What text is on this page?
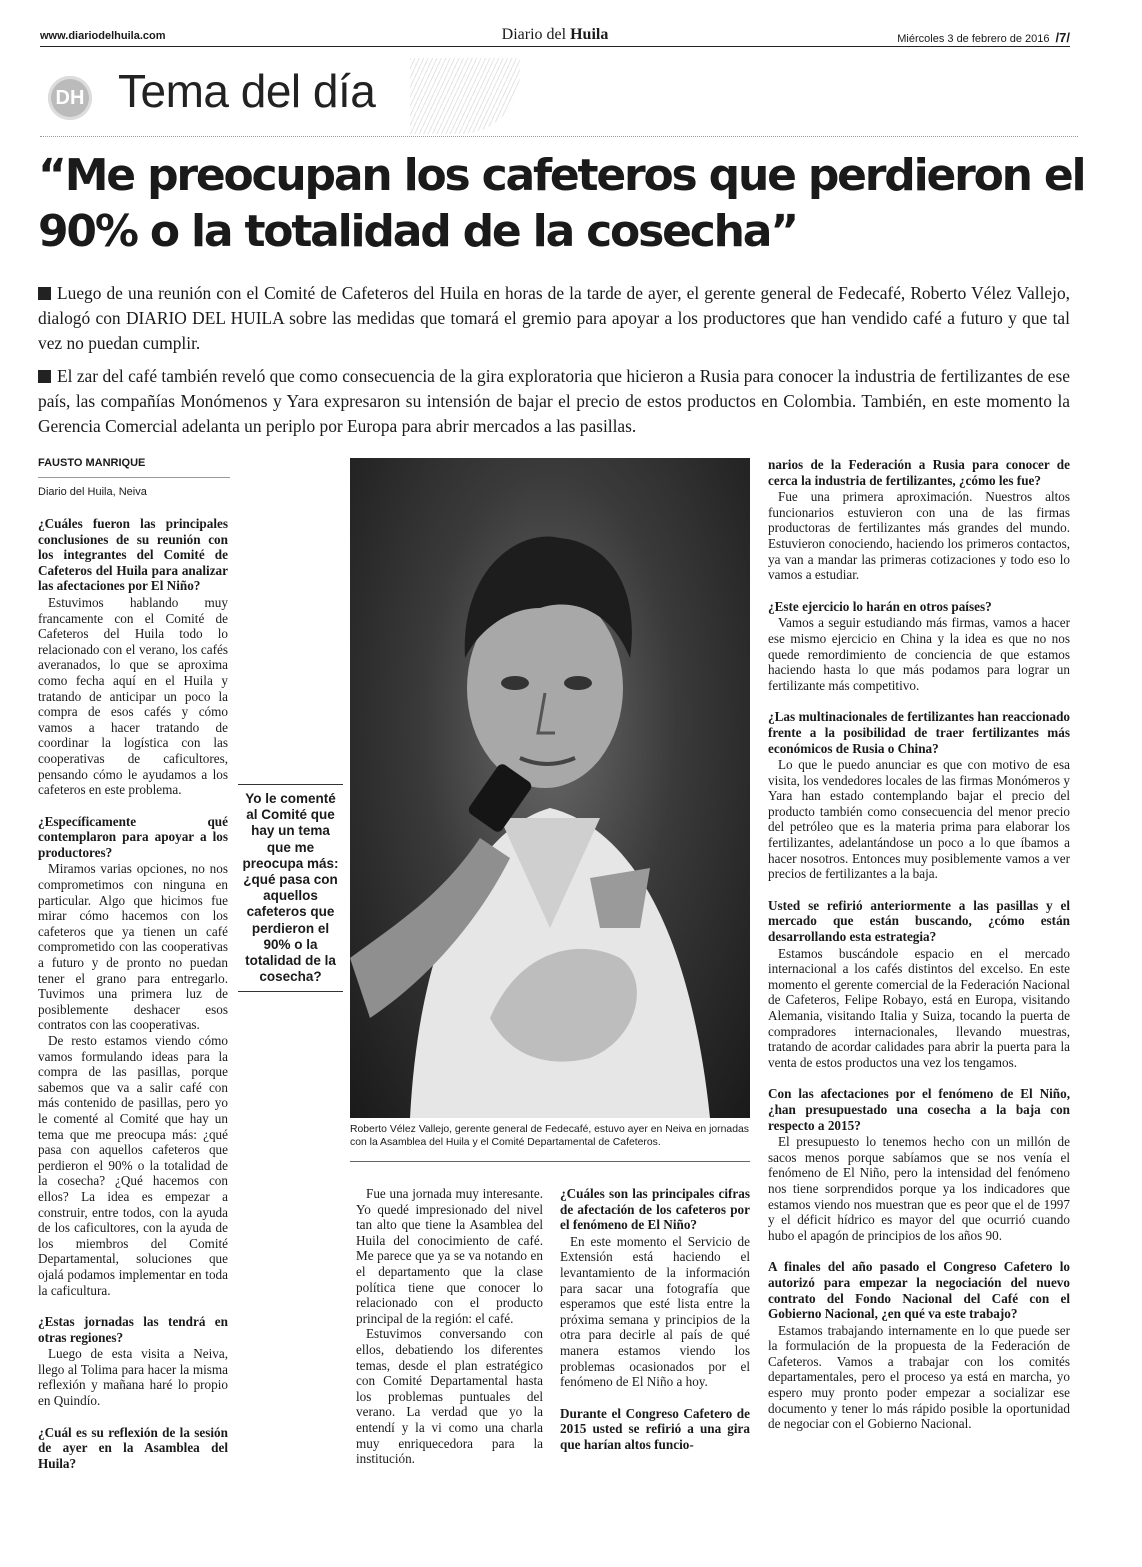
www.diariodelhuila.com	Diario del Huila	Miércoles 3 de febrero de 2016 /7/
DH Tema del día
“Me preocupan los cafeteros que perdieron el 90% o la totalidad de la cosecha”
Luego de una reunión con el Comité de Cafeteros del Huila en horas de la tarde de ayer, el gerente general de Fedecafé, Roberto Vélez Vallejo, dialogó con DIARIO DEL HUILA sobre las medidas que tomará el gremio para apoyar a los productores que han vendido café a futuro y que tal vez no puedan cumplir.
El zar del café también reveló que como consecuencia de la gira exploratoria que hicieron a Rusia para conocer la industria de fertilizantes de ese país, las compañías Monómenos y Yara expresaron su intensión de bajar el precio de estos productos en Colombia. También, en este momento la Gerencia Comercial adelanta un periplo por Europa para abrir mercados a las pasillas.
FAUSTO MANRIQUE
Diario del Huila, Neiva

¿Cuáles fueron las principales conclusiones de su reunión con los integrantes del Comité de Cafeteros del Huila para analizar las afectaciones por El Niño?

Estuvimos hablando muy francamente con el Comité de Cafeteros del Huila todo lo relacionado con el verano, los cafés averanados, lo que se aproxima como fecha aquí en el Huila y tratando de anticipar un poco la compra de esos cafés y cómo vamos a hacer tratando de coordinar la logística con las cooperativas de caficultores, pensando cómo le ayudamos a los cafeteros en este problema.

¿Específicamente qué contemplaron para apoyar a los productores?

Miramos varias opciones, no nos comprometimos con ninguna en particular. Algo que hicimos fue mirar cómo hacemos con los cafeteros que ya tienen un café comprometido con las cooperativas a futuro y de pronto no puedan tener el grano para entregarlo. Tuvimos una primera luz de posiblemente deshacer esos contratos con las cooperativas.

De resto estamos viendo cómo vamos formulando ideas para la compra de las pasillas, porque sabemos que va a salir café con más contenido de pasillas, pero yo le comenté al Comité que hay un tema que me preocupa más: ¿qué pasa con aquellos cafeteros que perdieron el 90% o la totalidad de la cosecha? ¿Qué hacemos con ellos? La idea es empezar a construir, entre todos, con la ayuda de los caficultores, con la ayuda de los miembros del Comité Departamental, soluciones que ojalá podamos implementar en toda la caficultura.

¿Estas jornadas las tendrá en otras regiones?

Luego de esta visita a Neiva, llego al Tolima para hacer la misma reflexión y mañana haré lo propio en Quindío.

¿Cuál es su reflexión de la sesión de ayer en la Asamblea del Huila?

Yo le comenté al Comité que hay un tema que me preocupa más: ¿qué pasa con aquellos cafeteros que perdieron el 90% o la totalidad de la cosecha?
Roberto Vélez Vallejo, gerente general de Fedecafé, estuvo ayer en Neiva en jornadas con la Asamblea del Huila y el Comité Departamental de Cafeteros.

Fue una jornada muy interesante. Yo quedé impresionado del nivel tan alto que tiene la Asamblea del Huila del conocimiento de café. Me parece que ya se va notando en el departamento que la clase política tiene que conocer lo relacionado con el producto principal de la región: el café.

Estuvimos conversando con ellos, debatiendo los diferentes temas, desde el plan estratégico con Comité Departamental hasta los problemas puntuales del verano. La verdad que yo la entendí y la vi como una charla muy enriquecedora para la institución.

¿Cuáles son las principales cifras de afectación de los cafeteros por el fenómeno de El Niño?

En este momento el Servicio de Extensión está haciendo el levantamiento de la información para sacar una fotografía que esperamos que esté lista entre la próxima semana y principios de la otra para decirle al país de qué manera estamos viendo los problemas ocasionados por el fenómeno de El Niño a hoy.

Durante el Congreso Cafetero de 2015 usted se refirió a una gira que harían altos funcio-

narios de la Federación a Rusia para conocer de cerca la industria de fertilizantes, ¿cómo les fue?

Fue una primera aproximación. Nuestros altos funcionarios estuvieron con una de las firmas productoras de fertilizantes más grandes del mundo. Estuvieron conociendo, haciendo los primeros contactos, ya van a mandar las primeras cotizaciones y todo eso lo vamos a estudiar.

¿Este ejercicio lo harán en otros países?

Vamos a seguir estudiando más firmas, vamos a hacer ese mismo ejercicio en China y la idea es que no nos quede remordimiento de conciencia de que estamos haciendo hasta lo que más podamos para lograr un fertilizante más competitivo.

¿Las multinacionales de fertilizantes han reaccionado frente a la posibilidad de traer fertilizantes más económicos de Rusia o China?

Lo que le puedo anunciar es que con motivo de esa visita, los vendedores locales de las firmas Monómeros y Yara han estado contemplando bajar el precio del producto también como consecuencia del menor precio del petróleo que es la materia prima para elaborar los fertilizantes, adelantándose un poco a lo que íbamos a hacer nosotros. Entonces muy posiblemente vamos a ver precios de fertilizantes a la baja.

Usted se refirió anteriormente a las pasillas y el mercado que están buscando, ¿cómo están desarrollando esta estrategia?

Estamos buscándole espacio en el mercado internacional a los cafés distintos del excelso. En este momento el gerente comercial de la Federación Nacional de Cafeteros, Felipe Robayo, está en Europa, visitando Alemania, visitando Italia y Suiza, tocando la puerta de compradores internacionales, llevando muestras, tratando de acordar calidades para abrir la puerta para la venta de estos productos una vez los tengamos.

Con las afectaciones por el fenómeno de El Niño, ¿han presupuestado una cosecha a la baja con respecto a 2015?

El presupuesto lo tenemos hecho con un millón de sacos menos porque sabíamos que se nos venía el fenómeno de El Niño, pero la intensidad del fenómeno nos tiene sorprendidos porque ya los indicadores que estamos viendo nos muestran que es peor que el de 1997 y el déficit hídrico es mayor del que ocurrió cuando hubo el apagón de principios de los años 90.

A finales del año pasado el Congreso Cafetero lo autorizó para empezar la negociación del nuevo contrato del Fondo Nacional del Café con el Gobierno Nacional, ¿en qué va este trabajo?

Estamos trabajando internamente en lo que puede ser la formulación de la propuesta de la Federación de Cafeteros. Vamos a trabajar con los comités departamentales, pero el proceso ya está en marcha, yo espero muy pronto poder empezar a socializar ese documento y tener lo más rápido posible la oportunidad de negociar con el Gobierno Nacional.
